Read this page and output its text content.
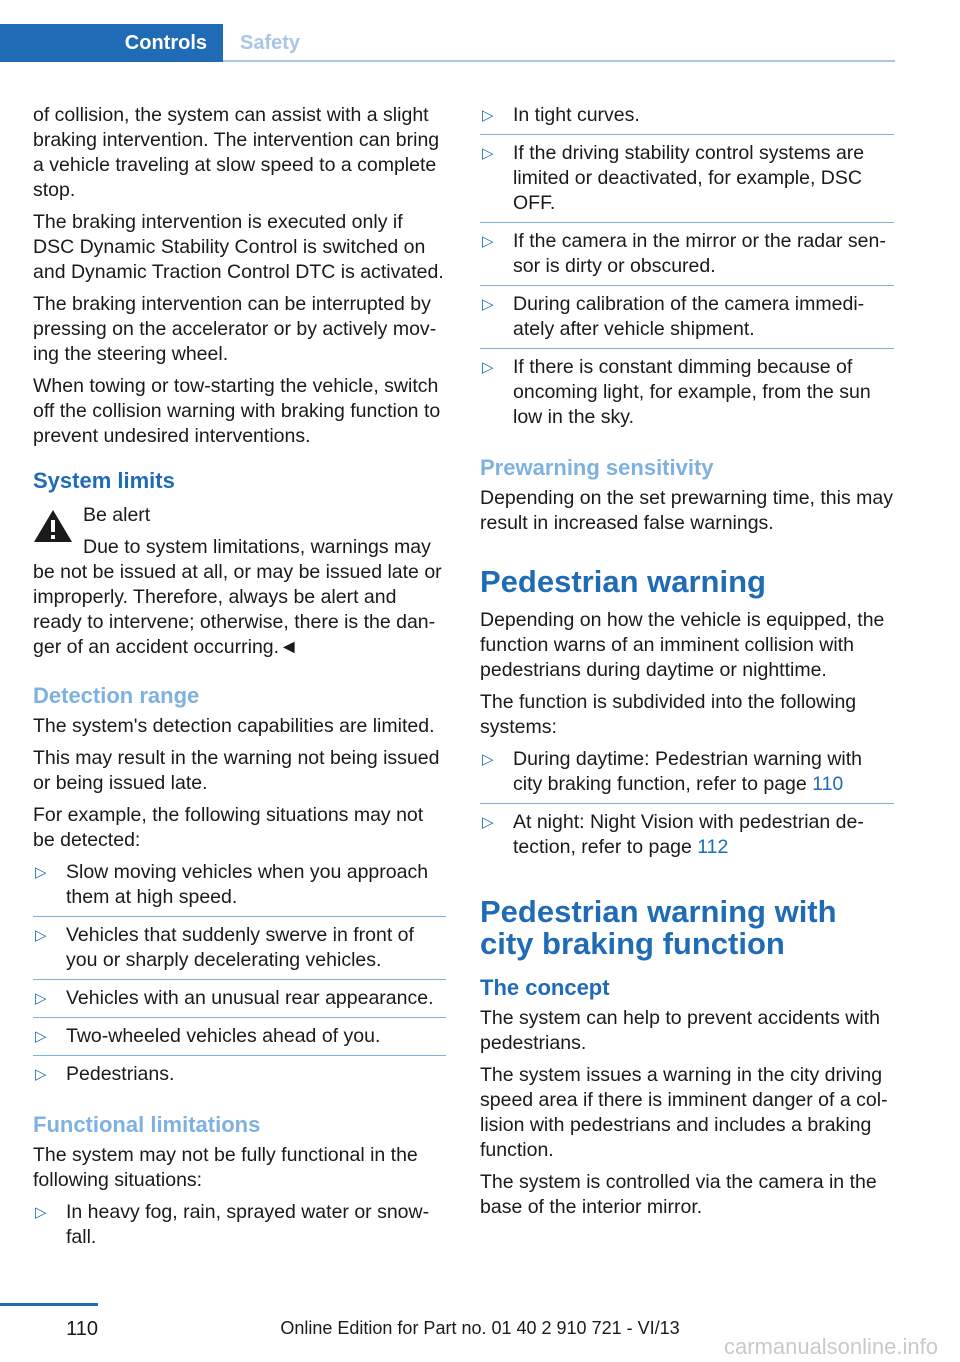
Controls	Safety

of collision, the system can assist with a slight braking intervention. The intervention can bring a vehicle traveling at slow speed to a complete stop.

The braking intervention is executed only if DSC Dynamic Stability Control is switched on and Dynamic Traction Control DTC is activated.

The braking intervention can be interrupted by pressing on the accelerator or by actively moving the steering wheel.

When towing or tow-starting the vehicle, switch off the collision warning with braking function to prevent undesired interventions.

System limits
Be alert
Due to system limitations, warnings may be not be issued at all, or may be issued late or improperly. Therefore, always be alert and ready to intervene; otherwise, there is the danger of an accident occurring.◄
Detection range

The system's detection capabilities are limited.

This may result in the warning not being issued or being issued late.

For example, the following situations may not be detected:

▷ Slow moving vehicles when you approach them at high speed.
▷ Vehicles that suddenly swerve in front of you or sharply decelerating vehicles.
▷ Vehicles with an unusual rear appearance.
▷ Two-wheeled vehicles ahead of you.
▷ Pedestrians.
Functional limitations

The system may not be fully functional in the following situations:

▷ In heavy fog, rain, sprayed water or snowfall.
▷ In tight curves.
▷ If the driving stability control systems are limited or deactivated, for example, DSC OFF.
▷ If the camera in the mirror or the radar sensor is dirty or obscured.
▷ During calibration of the camera immediately after vehicle shipment.
▷ If there is constant dimming because of oncoming light, for example, from the sun low in the sky.
Prewarning sensitivity

Depending on the set prewarning time, this may result in increased false warnings.

Pedestrian warning

Depending on how the vehicle is equipped, the function warns of an imminent collision with pedestrians during daytime or nighttime.

The function is subdivided into the following systems:

▷ During daytime: Pedestrian warning with city braking function, refer to page 110
▷ At night: Night Vision with pedestrian detection, refer to page 112
Pedestrian warning with city braking function
The concept

The system can help to prevent accidents with pedestrians.

The system issues a warning in the city driving speed area if there is imminent danger of a collision with pedestrians and includes a braking function.

The system is controlled via the camera in the base of the interior mirror.

110	Online Edition for Part no. 01 40 2 910 721 - VI/13
carmanualsonline.info
